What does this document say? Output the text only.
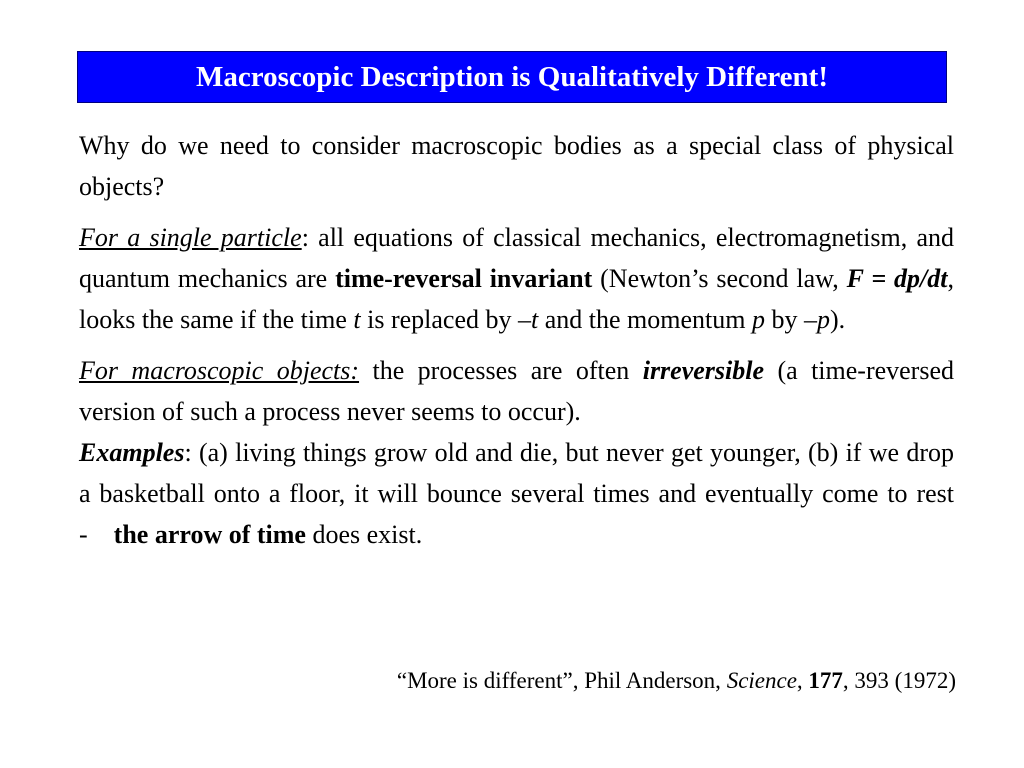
Macroscopic Description is Qualitatively Different!

Why do we need to consider macroscopic bodies as a special class of physical objects?

For a single particle: all equations of classical mechanics, electromagnetism, and quantum mechanics are time-reversal invariant (Newton’s second law, F = dp/dt, looks the same if the time t is replaced by –t and the momentum p by –p).

For macroscopic objects: the processes are often irreversible (a time-reversed version of such a process never seems to occur).

Examples: (a) living things grow old and die, but never get younger, (b) if we drop a basketball onto a floor, it will bounce several times and eventually come to rest    -    the arrow of time does exist.

“More is different”, Phil Anderson, Science, 177, 393 (1972)
